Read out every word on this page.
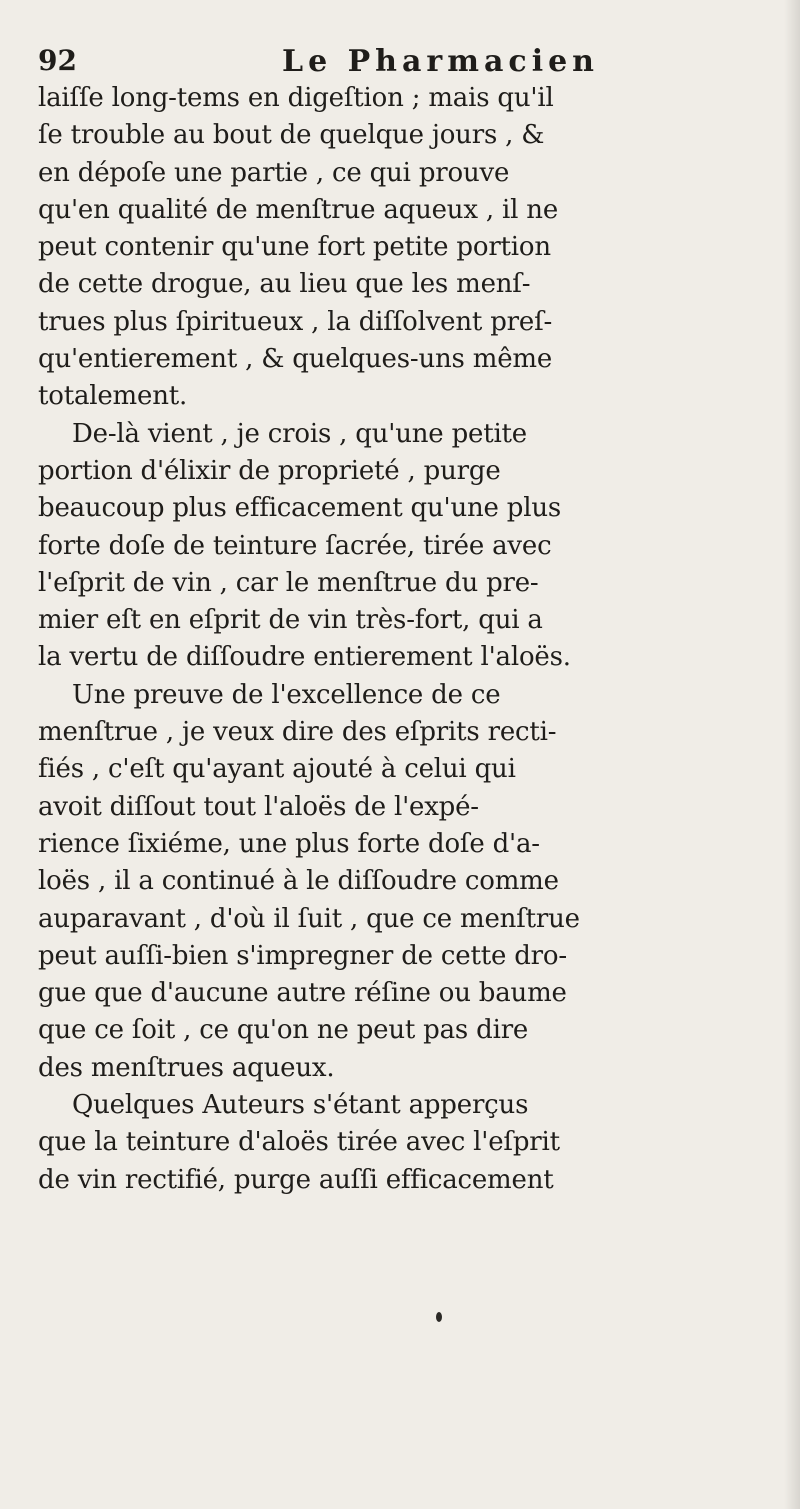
92	Le Pharmacien
laiſſe long-tems en digeſtion ; mais qu'il
ſe trouble au bout de quelque jours , &
en dépoſe une partie , ce qui prouve
qu'en qualité de menſtrue aqueux , il ne
peut contenir qu'une fort petite portion
de cette drogue, au lieu que les menſ-
trues plus ſpiritueux , la diſſolvent preſ-
qu'entierement , & quelques-uns même
totalement.
De-là vient , je crois , qu'une petite
portion d'élixir de proprieté , purge
beaucoup plus efficacement qu'une plus
forte doſe de teinture ſacrée, tirée avec
l'eſprit de vin , car le menſtrue du pre-
mier eſt en eſprit de vin très-fort, qui a
la vertu de diſſoudre entierement l'aloës.
Une preuve de l'excellence de ce
menſtrue , je veux dire des eſprits recti-
fiés , c'eſt qu'ayant ajouté à celui qui
avoit diſſout tout l'aloës de l'expé-
rience ſixiéme, une plus forte doſe d'a-
loës , il a continué à le diſſoudre comme
auparavant , d'où il ſuit , que ce menſtrue
peut auſſi-bien s'impregner de cette dro-
gue que d'aucune autre réſine ou baume
que ce ſoit , ce qu'on ne peut pas dire
des menſtrues aqueux.
Quelques Auteurs s'étant apperçus
que la teinture d'aloës tirée avec l'eſprit
de vin rectifié, purge auſſi efficacement
